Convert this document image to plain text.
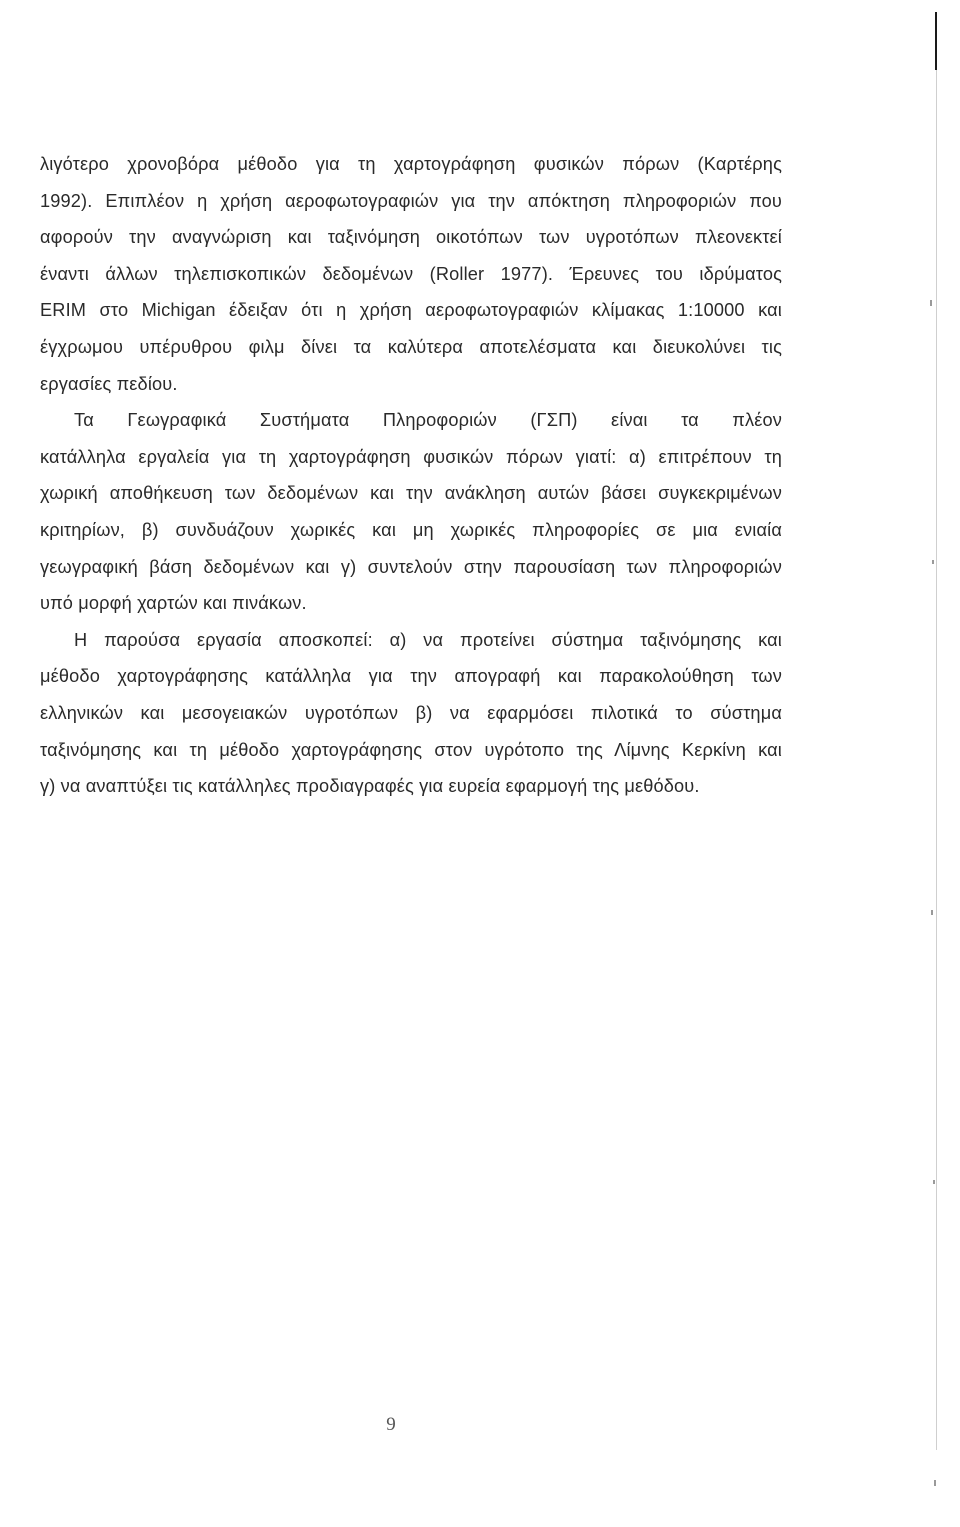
λιγότερο χρονοβόρα μέθοδο για τη χαρτογράφηση φυσικών πόρων (Καρτέρης
1992). Επιπλέον η χρήση αεροφωτογραφιών για την απόκτηση πληροφοριών που
αφορούν την αναγνώριση και ταξινόμηση οικοτόπων των υγροτόπων πλεονεκτεί
έναντι άλλων τηλεπισκοπικών δεδομένων (Roller 1977). Έρευνες του ιδρύματος
ERIM στο Michigan έδειξαν ότι η χρήση αεροφωτογραφιών κλίμακας 1:10000 και
έγχρωμου υπέρυθρου φιλμ δίνει τα καλύτερα αποτελέσματα και διευκολύνει τις
εργασίες πεδίου.
Τα Γεωγραφικά Συστήματα Πληροφοριών (ΓΣΠ) είναι τα πλέον
κατάλληλα εργαλεία για τη χαρτογράφηση φυσικών πόρων γιατί: α) επιτρέπουν τη
χωρική αποθήκευση των δεδομένων και την ανάκληση αυτών βάσει συγκεκριμένων
κριτηρίων, β) συνδυάζουν χωρικές και μη χωρικές πληροφορίες σε μια ενιαία
γεωγραφική βάση δεδομένων και γ) συντελούν στην παρουσίαση των πληροφοριών
υπό μορφή χαρτών και πινάκων.
Η παρούσα εργασία αποσκοπεί: α) να προτείνει σύστημα ταξινόμησης και
μέθοδο χαρτογράφησης κατάλληλα για την απογραφή και παρακολούθηση των
ελληνικών και μεσογειακών υγροτόπων β) να εφαρμόσει πιλοτικά το σύστημα
ταξινόμησης και τη μέθοδο χαρτογράφησης στον υγρότοπο της Λίμνης Κερκίνη και
γ) να αναπτύξει τις κατάλληλες προδιαγραφές για ευρεία εφαρμογή της μεθόδου.
9
